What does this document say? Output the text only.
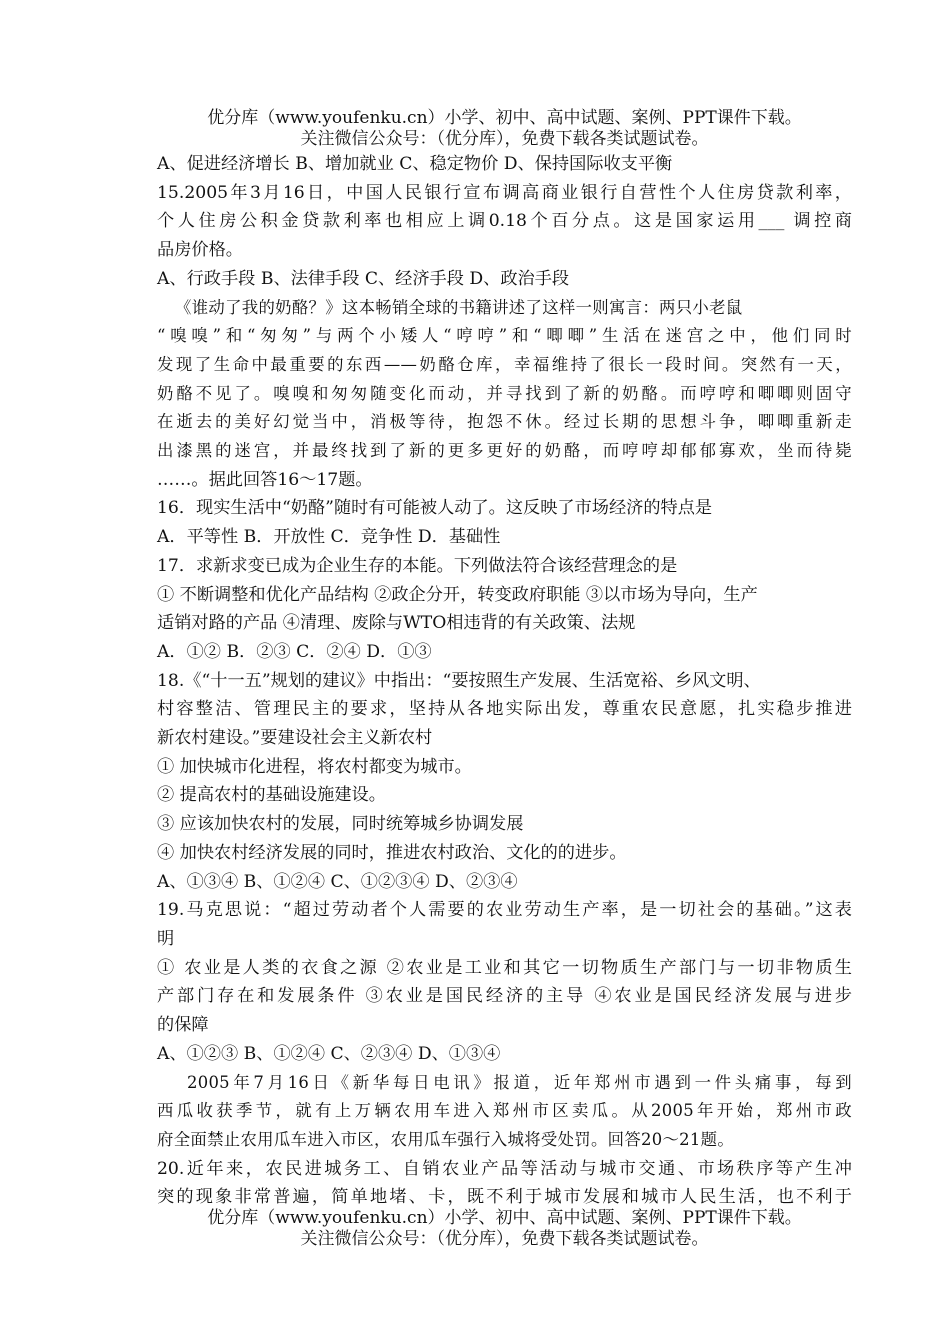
优分库（www.youfenku.cn）小学、初中、高中试题、案例、PPT课件下载。
关注微信公众号：（优分库），免费下载各类试题试卷。
A、促进经济增长 B、增加就业 C、稳定物价 D、保持国际收支平衡
15.2005年3月16日，中国人民银行宣布调高商业银行自营性个人住房贷款利率，
个人住房公积金贷款利率也相应上调0.18个百分点。这是国家运用___ 调控商
品房价格。
A、行政手段 B、法律手段 C、经济手段 D、政治手段
《谁动了我的奶酪？》这本畅销全球的书籍讲述了这样一则寓言：两只小老鼠
“嗅嗅”和“匆匆”与两个小矮人“哼哼”和“唧唧”生活在迷宫之中，他们同时
发现了生命中最重要的东西——奶酪仓库，幸福维持了很长一段时间。突然有一天，
奶酪不见了。嗅嗅和匆匆随变化而动，并寻找到了新的奶酪。而哼哼和唧唧则固守
在逝去的美好幻觉当中，消极等待，抱怨不休。经过长期的思想斗争，唧唧重新走
出漆黑的迷宫，并最终找到了新的更多更好的奶酪，而哼哼却郁郁寡欢，坐而待毙
……。据此回答16～17题。
16．现实生活中“奶酪”随时有可能被人动了。这反映了市场经济的特点是
A．平等性 B．开放性 C．竞争性 D．基础性
17．求新求变已成为企业生存的本能。下列做法符合该经营理念的是
① 不断调整和优化产品结构 ②政企分开，转变政府职能 ③以市场为导向，生产
适销对路的产品 ④清理、废除与WTO相违背的有关政策、法规
A．①② B．②③ C．②④ D．①③
18.《“十一五”规划的建议》中指出：“要按照生产发展、生活宽裕、乡风文明、
村容整洁、管理民主的要求，坚持从各地实际出发，尊重农民意愿，扎实稳步推进
新农村建设。”要建设社会主义新农村
① 加快城市化进程，将农村都变为城市。
② 提高农村的基础设施建设。
③ 应该加快农村的发展，同时统筹城乡协调发展
④ 加快农村经济发展的同时，推进农村政治、文化的的进步。
A、①③④ B、①②④ C、①②③④ D、②③④
19.马克思说：“超过劳动者个人需要的农业劳动生产率，是一切社会的基础。”这表
明
① 农业是人类的衣食之源 ②农业是工业和其它一切物质生产部门与一切非物质生
产部门存在和发展条件 ③农业是国民经济的主导 ④农业是国民经济发展与进步
的保障
A、①②③ B、①②④ C、②③④ D、①③④
2005年7月16日《新华每日电讯》报道，近年郑州市遇到一件头痛事，每到
西瓜收获季节，就有上万辆农用车进入郑州市区卖瓜。从2005年开始，郑州市政
府全面禁止农用瓜车进入市区，农用瓜车强行入城将受处罚。回答20～21题。
20.近年来，农民进城务工、自销农业产品等活动与城市交通、市场秩序等产生冲
突的现象非常普遍，简单地堵、卡，既不利于城市发展和城市人民生活，也不利于
优分库（www.youfenku.cn）小学、初中、高中试题、案例、PPT课件下载。
关注微信公众号：（优分库），免费下载各类试题试卷。
